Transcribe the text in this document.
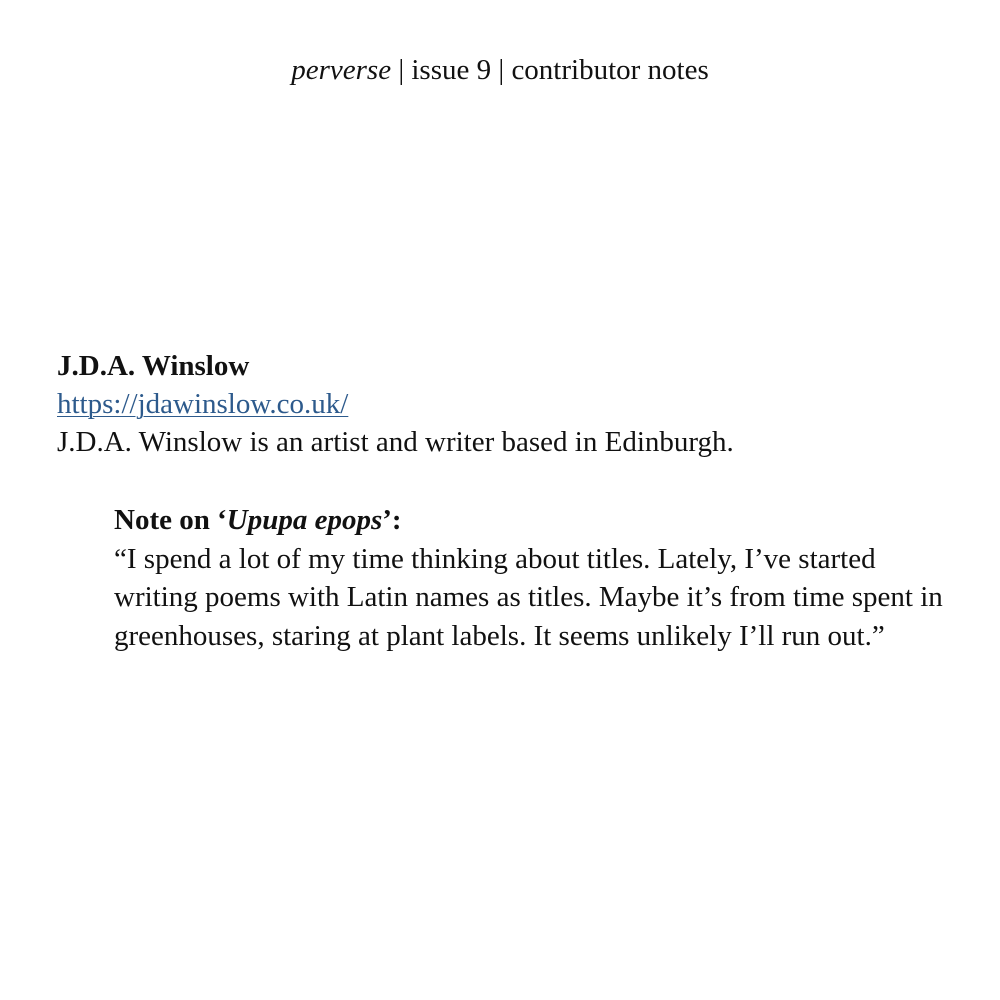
perverse | issue 9 | contributor notes
J.D.A. Winslow
https://jdawinslow.co.uk/
J.D.A. Winslow is an artist and writer based in Edinburgh.
Note on ‘Upupa epops’:
“I spend a lot of my time thinking about titles. Lately, I’ve started writing poems with Latin names as titles. Maybe it’s from time spent in greenhouses, staring at plant labels. It seems unlikely I’ll run out.”
